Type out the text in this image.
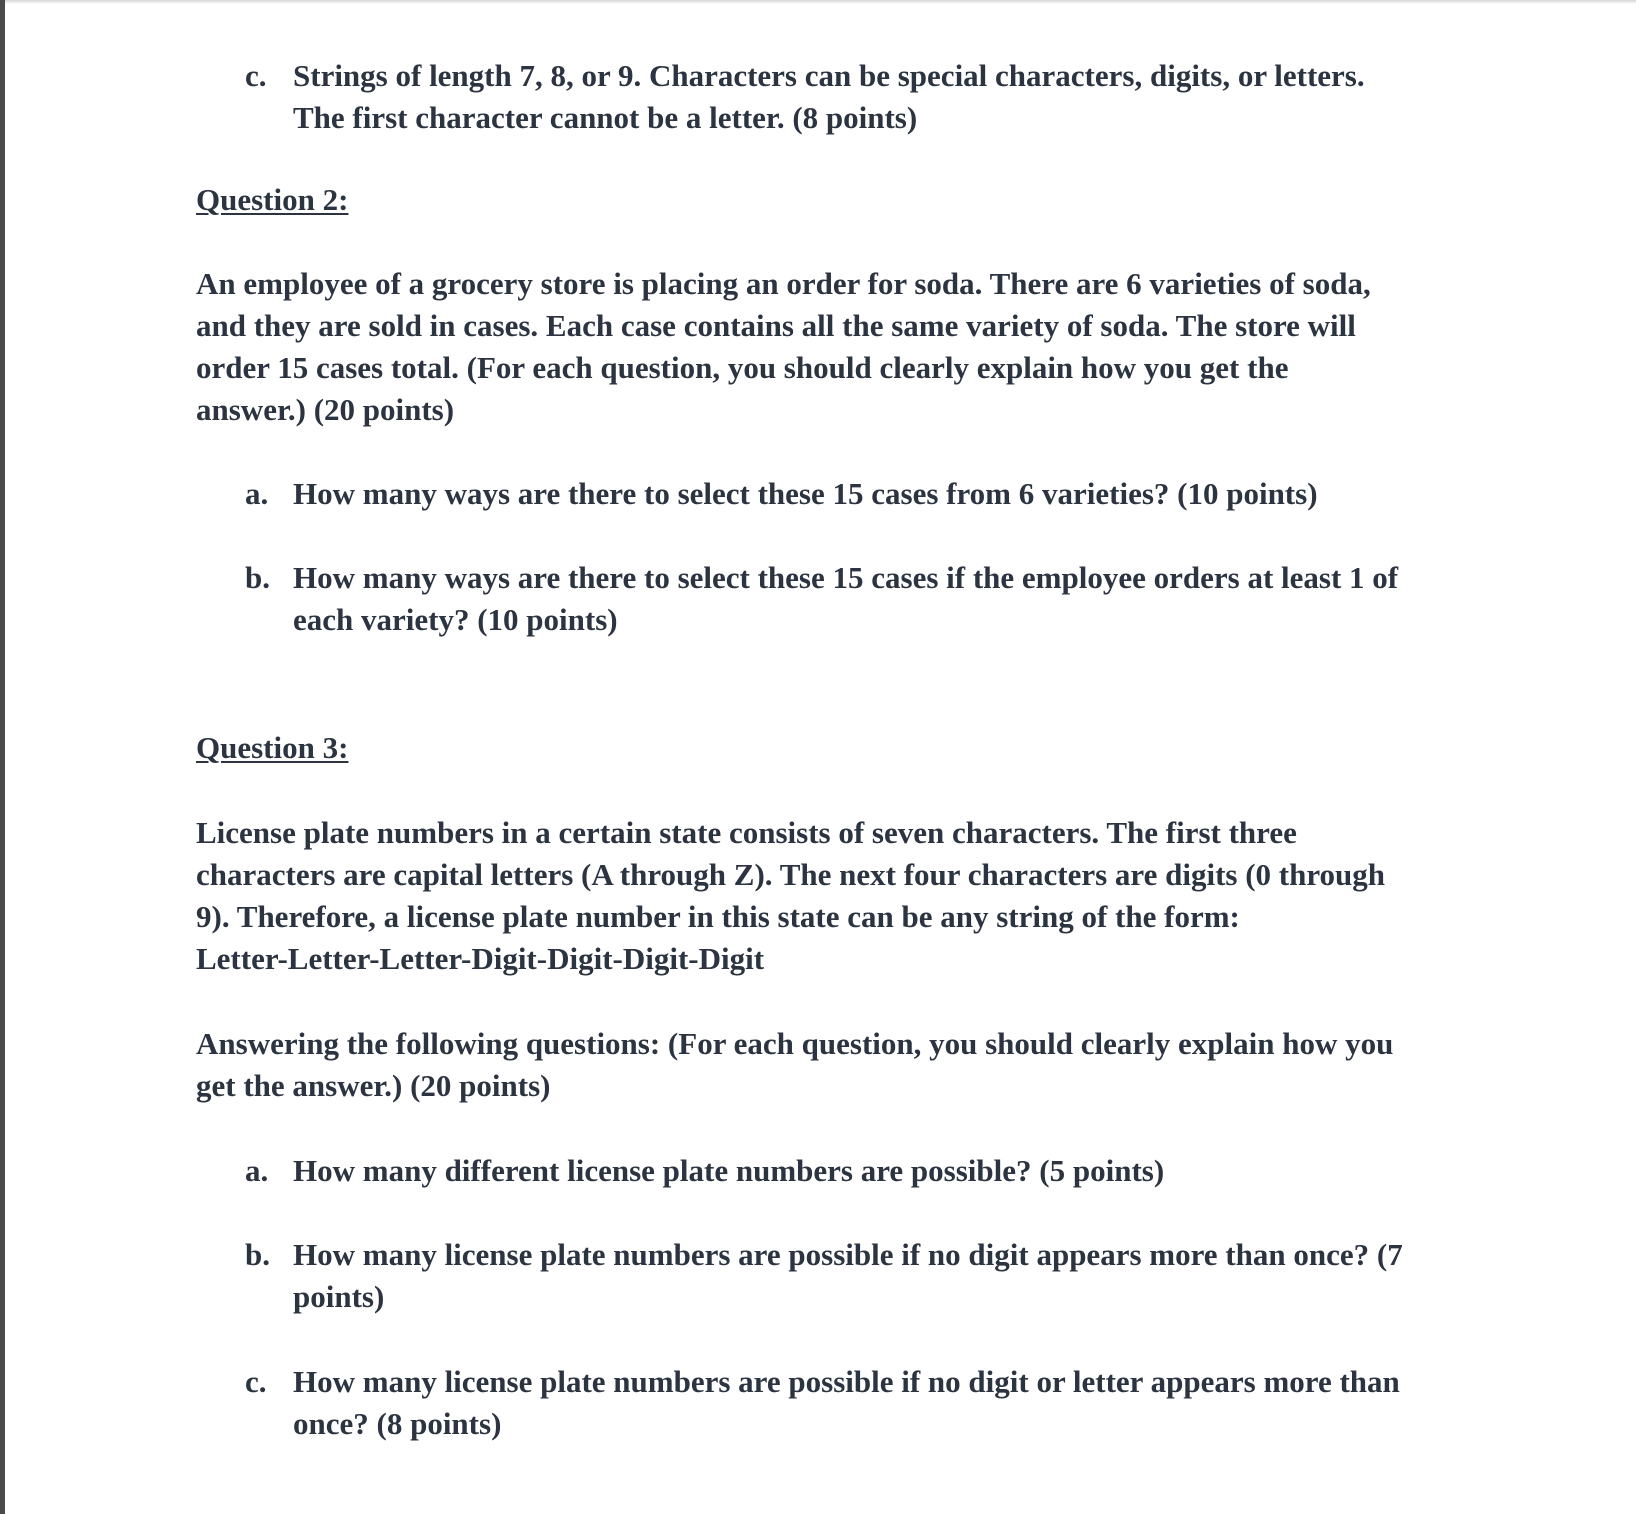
c. Strings of length 7, 8, or 9. Characters can be special characters, digits, or letters.

The first character cannot be a letter. (8 points)

Question 2:

An employee of a grocery store is placing an order for soda. There are 6 varieties of soda,

and they are sold in cases. Each case contains all the same variety of soda. The store will

order 15 cases total. (For each question, you should clearly explain how you get the

answer.) (20 points)

a. How many ways are there to select these 15 cases from 6 varieties? (10 points)

b. How many ways are there to select these 15 cases if the employee orders at least 1 of

each variety? (10 points)

Question 3:

License plate numbers in a certain state consists of seven characters. The first three

characters are capital letters (A through Z). The next four characters are digits (0 through

9). Therefore, a license plate number in this state can be any string of the form:

Letter-Letter-Letter-Digit-Digit-Digit-Digit

Answering the following questions: (For each question, you should clearly explain how you

get the answer.) (20 points)

a. How many different license plate numbers are possible? (5 points)

b. How many license plate numbers are possible if no digit appears more than once? (7

points)

c. How many license plate numbers are possible if no digit or letter appears more than

once? (8 points)
